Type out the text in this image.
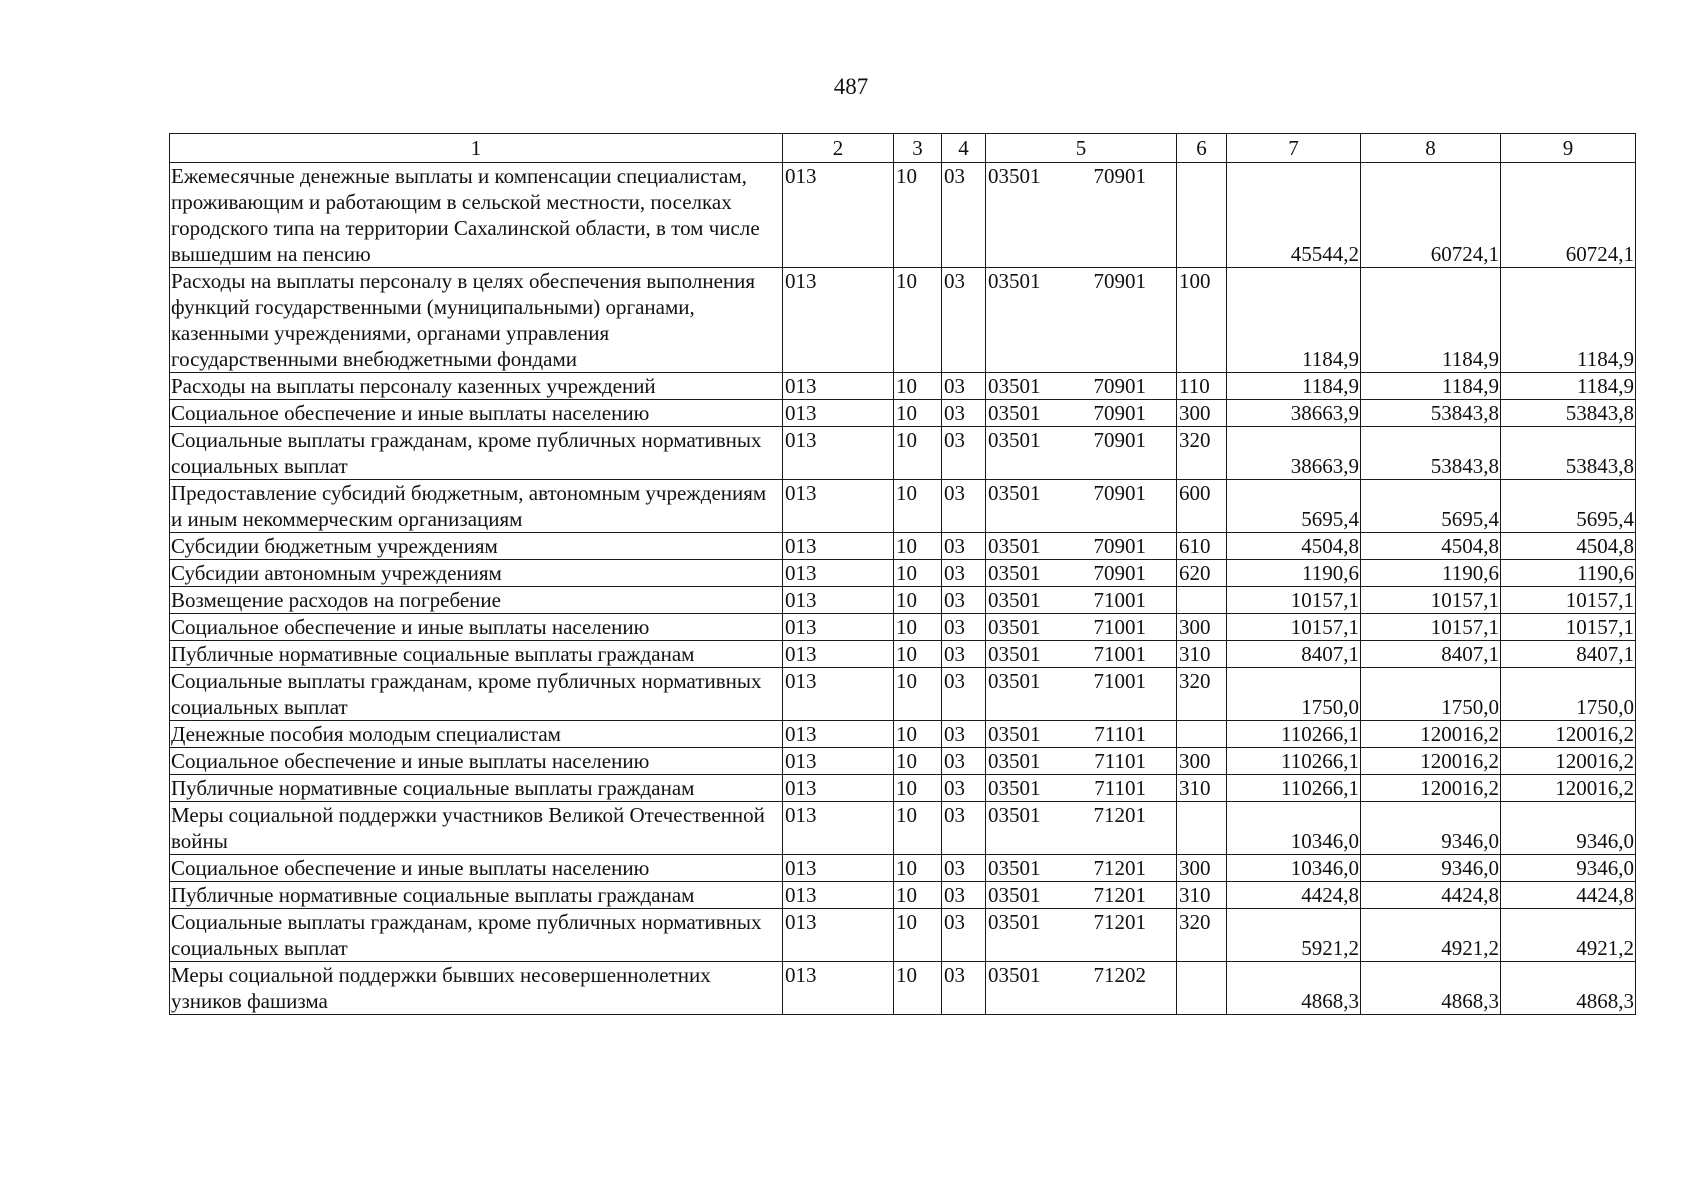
487
1	2	3	4	5	6	7	8	9
Ежемесячные денежные выплаты и компенсации специалистам, проживающим и работающим в сельской местности, поселках городского типа на территории Сахалинской области, в том числе вышедшим на пенсию	013	10	03	03501 70901		45544,2	60724,1	60724,1
Расходы на выплаты персоналу в целях обеспечения выполнения функций государственными (муниципальными) органами, казенными учреждениями, органами управления государственными внебюджетными фондами	013	10	03	03501 70901	100	1184,9	1184,9	1184,9
Расходы на выплаты персоналу казенных учреждений	013	10	03	03501 70901	110	1184,9	1184,9	1184,9
Социальное обеспечение и иные выплаты населению	013	10	03	03501 70901	300	38663,9	53843,8	53843,8
Социальные выплаты гражданам, кроме публичных нормативных социальных выплат	013	10	03	03501 70901	320	38663,9	53843,8	53843,8
Предоставление субсидий бюджетным, автономным учреждениям и иным некоммерческим организациям	013	10	03	03501 70901	600	5695,4	5695,4	5695,4
Субсидии бюджетным учреждениям	013	10	03	03501 70901	610	4504,8	4504,8	4504,8
Субсидии автономным учреждениям	013	10	03	03501 70901	620	1190,6	1190,6	1190,6
Возмещение расходов на погребение	013	10	03	03501 71001		10157,1	10157,1	10157,1
Социальное обеспечение и иные выплаты населению	013	10	03	03501 71001	300	10157,1	10157,1	10157,1
Публичные нормативные социальные выплаты гражданам	013	10	03	03501 71001	310	8407,1	8407,1	8407,1
Социальные выплаты гражданам, кроме публичных нормативных социальных выплат	013	10	03	03501 71001	320	1750,0	1750,0	1750,0
Денежные пособия молодым специалистам	013	10	03	03501 71101		110266,1	120016,2	120016,2
Социальное обеспечение и иные выплаты населению	013	10	03	03501 71101	300	110266,1	120016,2	120016,2
Публичные нормативные социальные выплаты гражданам	013	10	03	03501 71101	310	110266,1	120016,2	120016,2
Меры социальной поддержки участников Великой Отечественной войны	013	10	03	03501 71201		10346,0	9346,0	9346,0
Социальное обеспечение и иные выплаты населению	013	10	03	03501 71201	300	10346,0	9346,0	9346,0
Публичные нормативные социальные выплаты гражданам	013	10	03	03501 71201	310	4424,8	4424,8	4424,8
Социальные выплаты гражданам, кроме публичных нормативных социальных выплат	013	10	03	03501 71201	320	5921,2	4921,2	4921,2
Меры социальной поддержки бывших несовершеннолетних узников фашизма	013	10	03	03501 71202		4868,3	4868,3	4868,3
